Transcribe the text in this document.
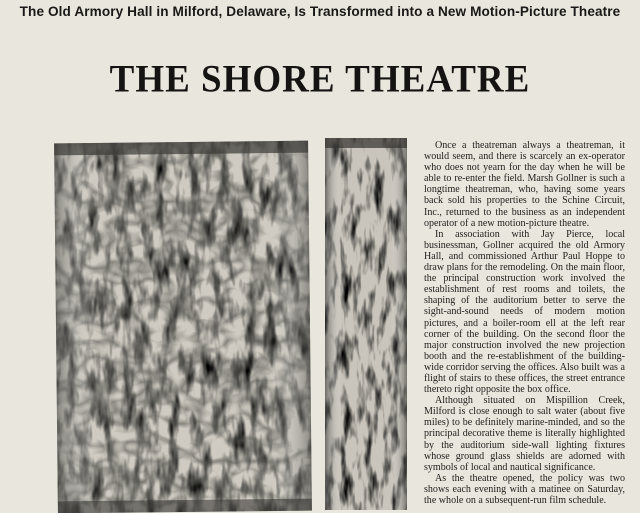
The Old Armory Hall in Milford, Delaware, Is Transformed into a New Motion-Picture Theatre
THE SHORE THEATRE

Once a theatreman always a theatreman, it would seem, and there is scarcely an ex-operator who does not yearn for the day when he will be able to re-enter the field. Marsh Gollner is such a longtime theatreman, who, having some years back sold his properties to the Schine Circuit, Inc., returned to the business as an independent operator of a new motion-picture theatre.

In association with Jay Pierce, local businessman, Gollner acquired the old Armory Hall, and commissioned Arthur Paul Hoppe to draw plans for the remodeling. On the main floor, the principal construction work involved the establishment of rest rooms and toilets, the shaping of the auditorium better to serve the sight-and-sound needs of modern motion pictures, and a boiler-room ell at the left rear corner of the building. On the second floor the major construction involved the new projection booth and the re-establishment of the building-wide corridor serving the offices. Also built was a flight of stairs to these offices, the street entrance thereto right opposite the box office.

Although situated on Mispillion Creek, Milford is close enough to salt water (about five miles) to be definitely marine-minded, and so the principal decorative theme is literally highlighted by the auditorium side-wall lighting fixtures whose ground glass shields are adorned with symbols of local and nautical significance.

As the theatre opened, the policy was two shows each evening with a matinee on Saturday, the whole on a subsequent-run film schedule.
